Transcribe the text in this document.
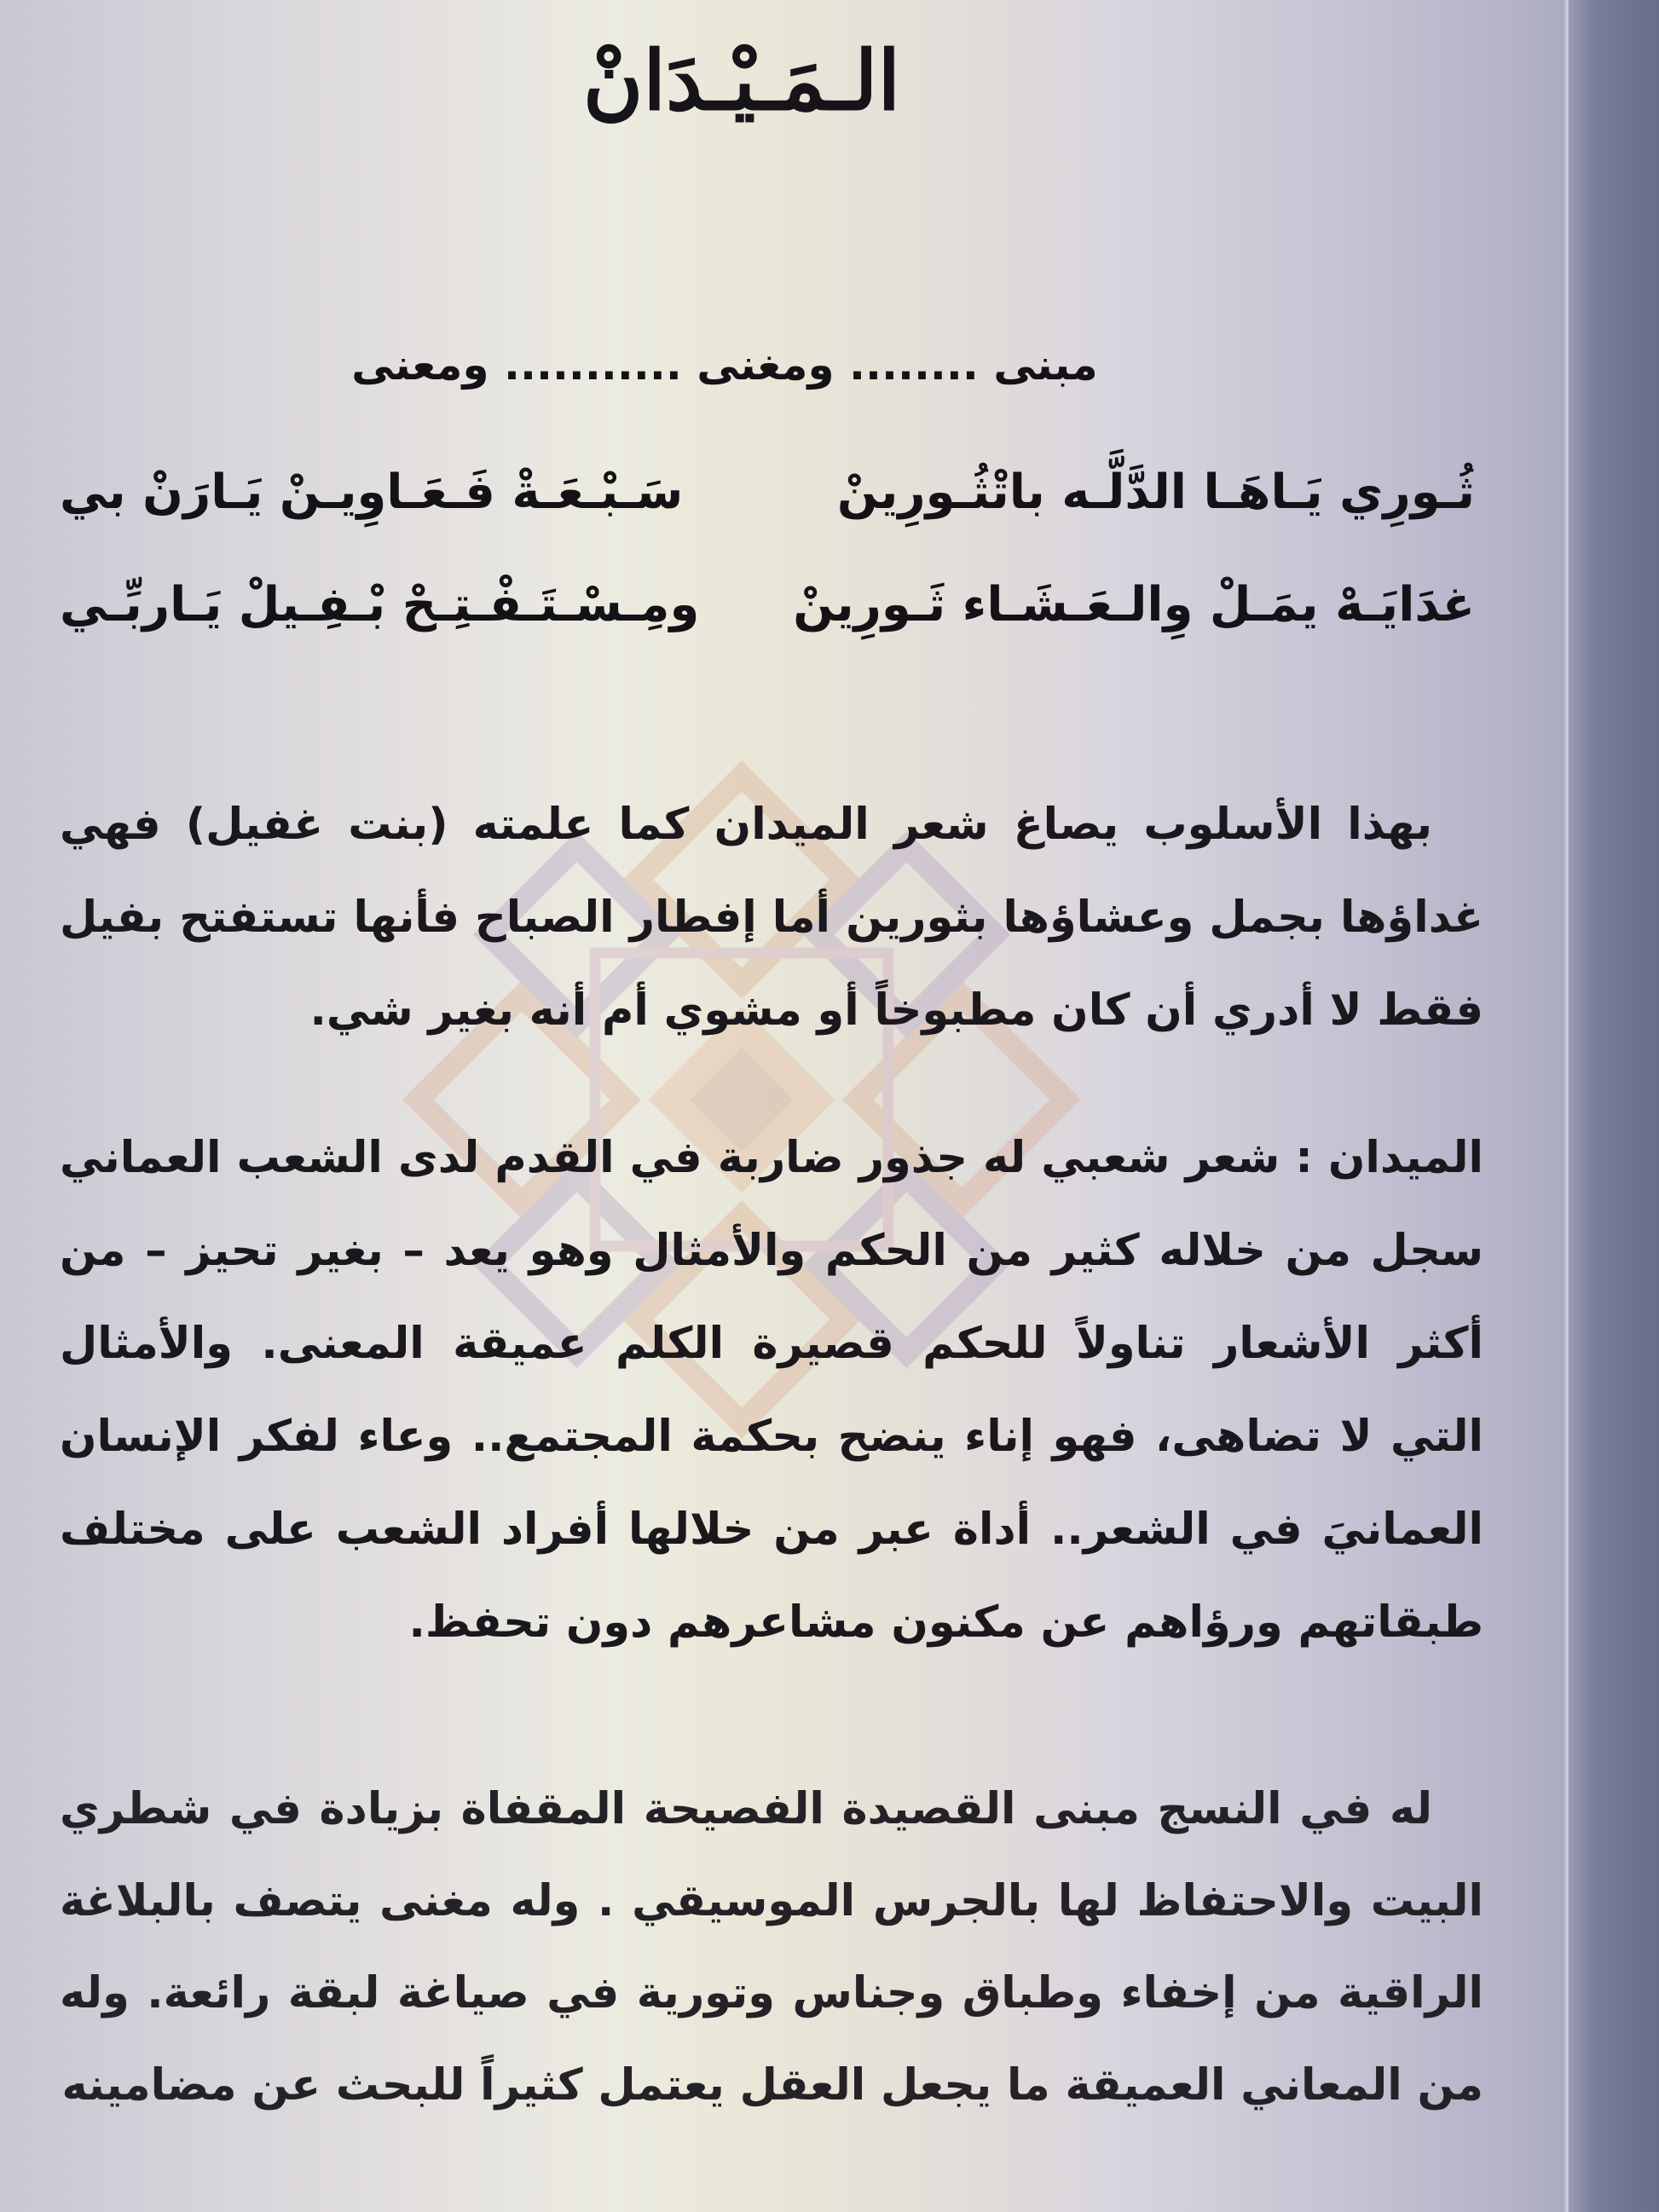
الـمَـيْـدَانْ
مبنى ........ ومغنى ........... ومعنى
ثُـورِي يَـاهَـا الدَّلَّـه باتْثُـورِينْ
سَـبْـعَـةْ فَـعَـاوِيـنْ يَـارَنْ بي
غدَايَـهْ يمَـلْ وِالـعَـشَـاء ثَـورِينْ
ومِـسْـتَـفْـتِـحْ بْـفِـيلْ يَـاربِّـي

بهذا الأسلوب يصاغ شعر الميدان كما علمته (بنت غفيل) فهي غداؤها بجمل وعشاؤها بثورين أما إفطار الصباح فأنها تستفتح بفيل فقط لا أدري أن كان مطبوخاً أو مشوي أم أنه بغير شي.

الميدان : شعر شعبي له جذور ضاربة في القدم لدى الشعب العماني سجل من خلاله كثير من الحكم والأمثال وهو يعد – بغير تحيز – من أكثر الأشعار تناولاً للحكم قصيرة الكلم عميقة المعنى. والأمثال التي لا تضاهى، فهو إناء ينضح بحكمة المجتمع.. وعاء لفكر الإنسان العمانيَ في الشعر.. أداة عبر من خلالها أفراد الشعب على مختلف طبقاتهم ورؤاهم عن مكنون مشاعرهم دون تحفظ.

له في النسج مبنى القصيدة الفصيحة المقفاة بزيادة في شطري البيت والاحتفاظ لها بالجرس الموسيقي . وله مغنى يتصف بالبلاغة الراقية من إخفاء وطباق وجناس وتورية في صياغة لبقة رائعة. وله من المعاني العميقة ما يجعل العقل يعتمل كثيراً للبحث عن مضامينه
